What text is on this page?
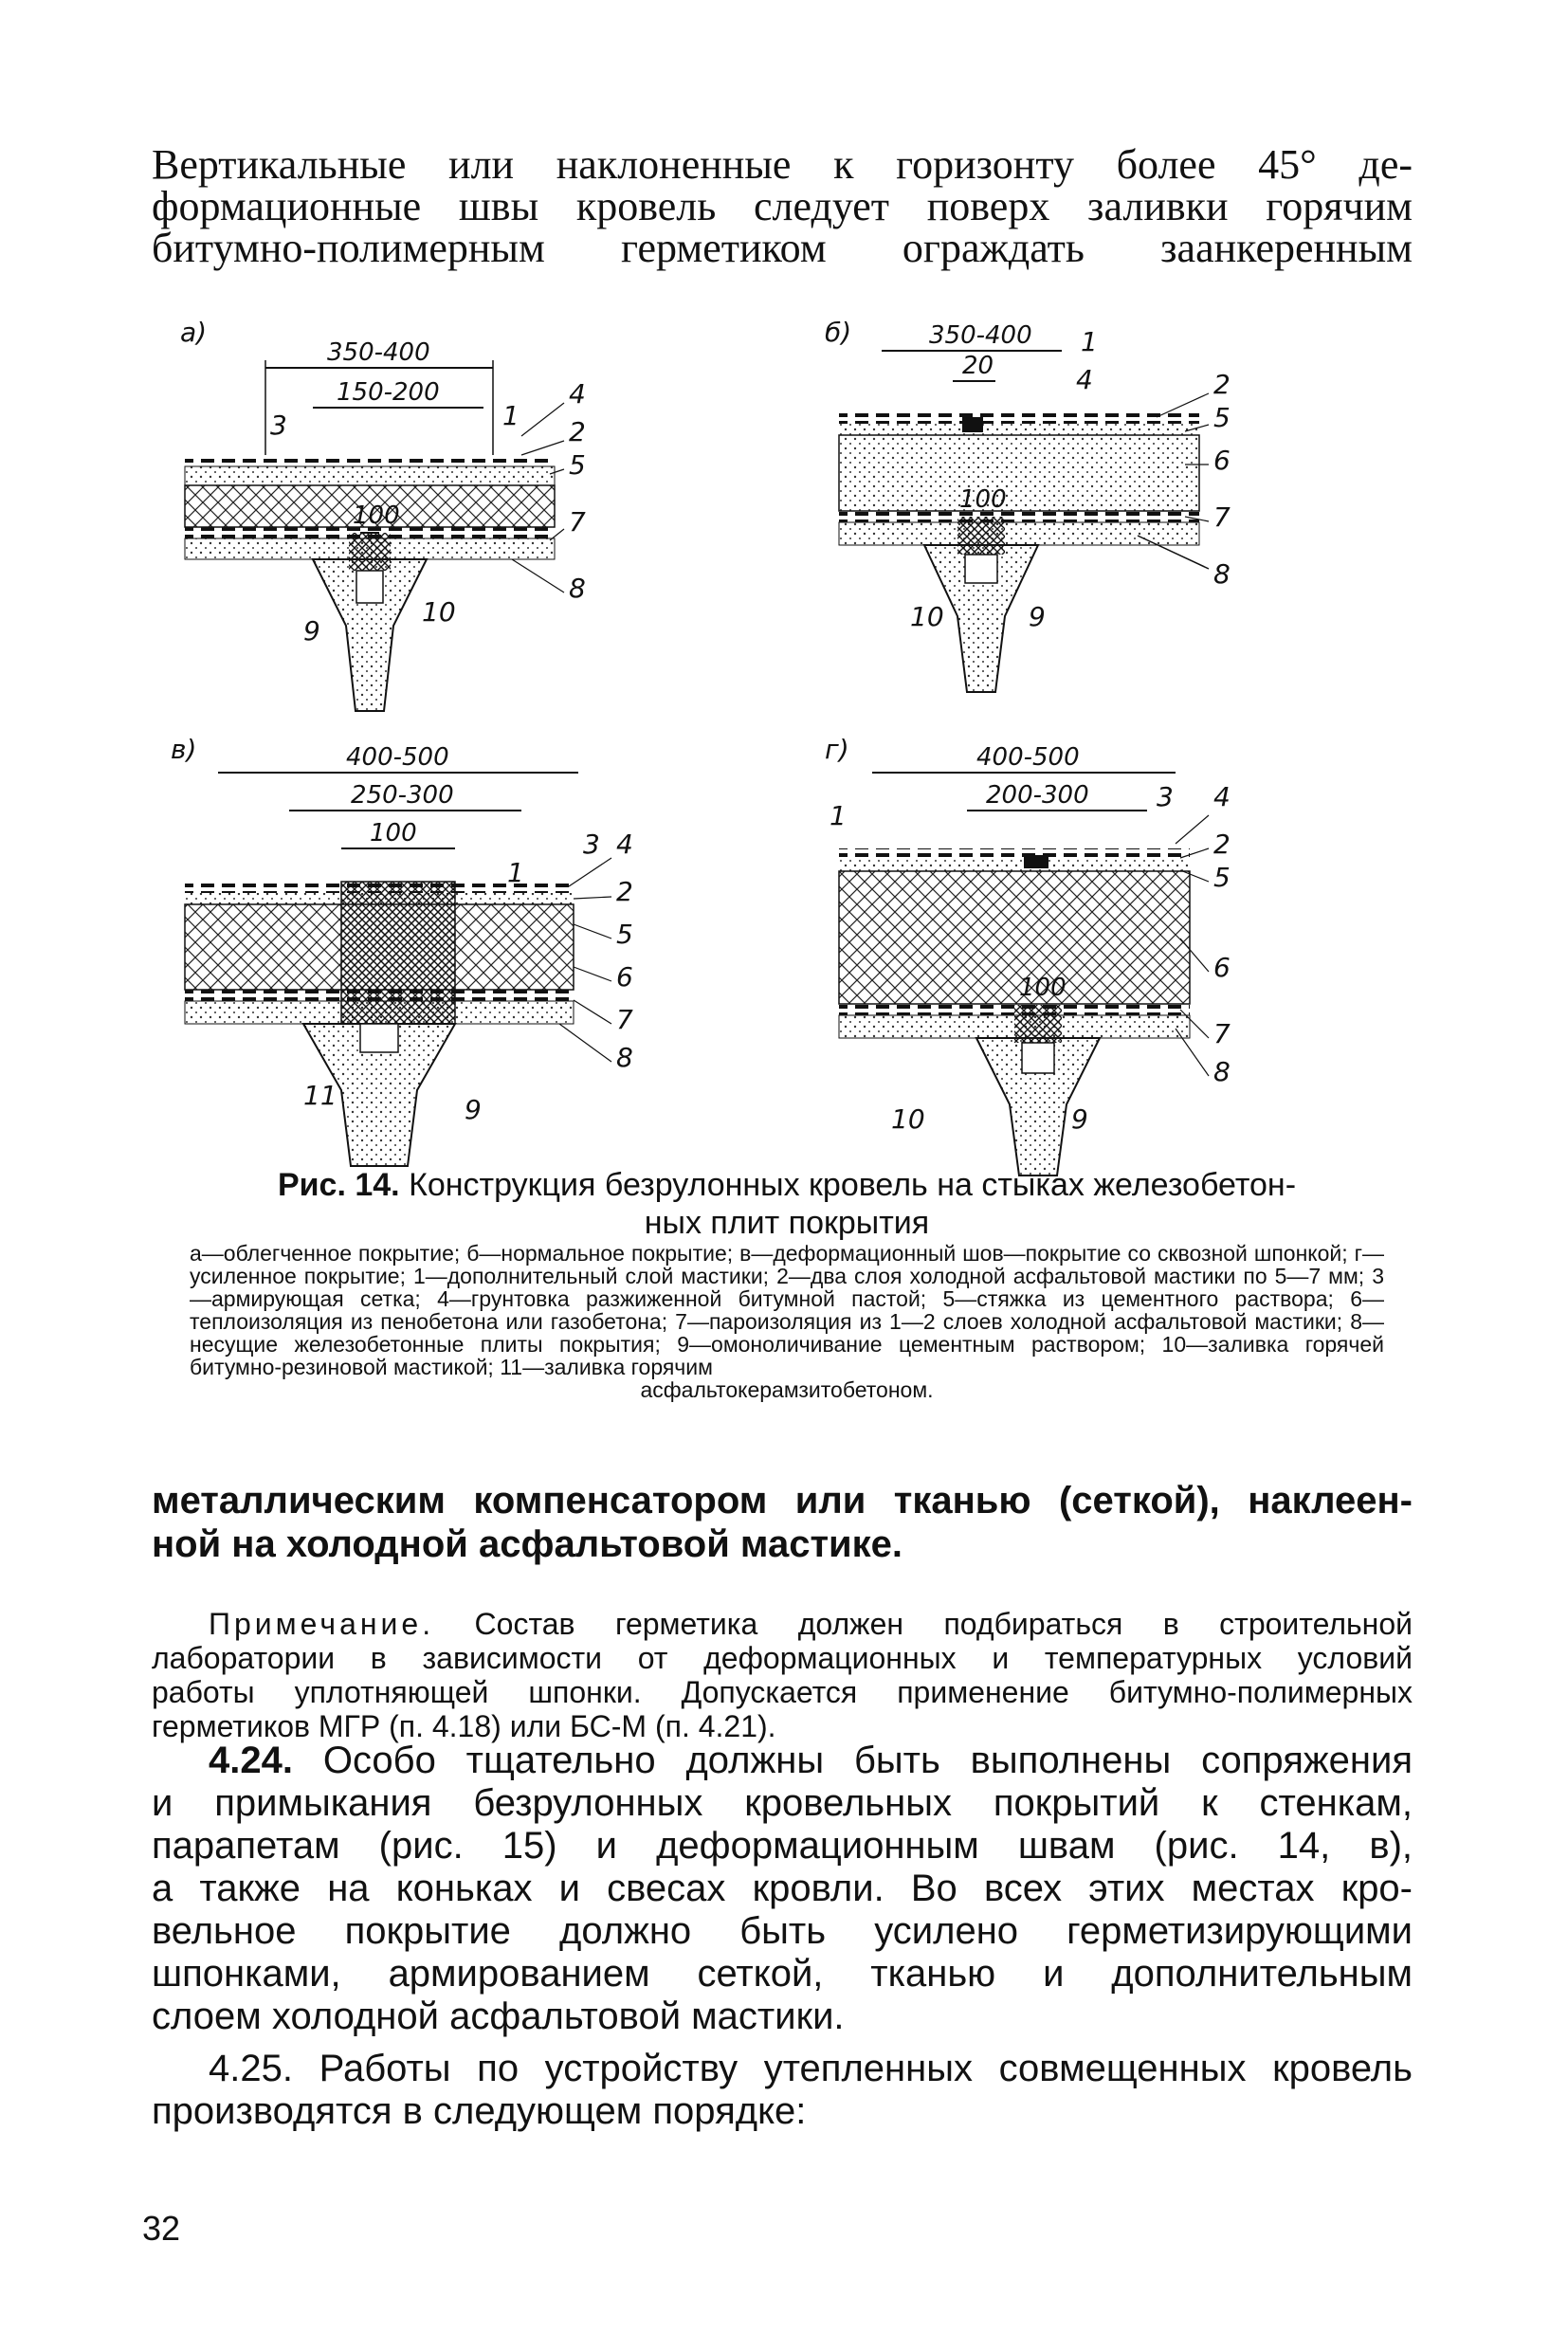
Вертикальные или наклоненные к горизонту более 45° де-
формационные швы кровель следует поверх заливки горячим
битумно-полимерным герметиком ограждать заанкеренным
а)
350-400
150-200
100
3	1
4
2
5
7
8
9
10
б)	350-400
20
100
1
4	2
5
6
7
8
10	9
в)	400-500
250-300
100
1
3 4
2
5
6
7
8
11	9
г)	400-500
200-300
100
1
3 4
2
5
6
7
8
10	9
Рис. 14. Конструкция безрулонных кровель на стыках железобетон-
ных плит покрытия
а—облегченное покрытие; б—нормальное покрытие; в—деформационный шов—покрытие со сквозной шпонкой; г—усиленное покрытие; 1—дополнительный слой мастики; 2—два слоя холодной асфальтовой мастики по 5—7 мм; 3—армирующая сетка; 4—грунтовка разжиженной битумной пастой; 5—стяжка из цементного раствора; 6—теплоизоляция из пенобетона или газобетона; 7—пароизоляция из 1—2 слоев холодной асфальтовой мастики; 8—несущие железобетонные плиты покрытия; 9—омоноличивание цементным раствором; 10—заливка горячей битумно-резиновой мастикой; 11—заливка горячим
асфальтокерамзитобетоном.
металлическим компенсатором или тканью (сеткой), наклеен-
ной на холодной асфальтовой мастике.
Примечание. Состав герметика должен подбираться в строительной
лаборатории в зависимости от деформационных и температурных условий
работы уплотняющей шпонки. Допускается применение битумно-полимерных
герметиков МГР (п. 4.18) или БС-М (п. 4.21).
4.24. Особо тщательно должны быть выполнены сопряжения
и примыкания безрулонных кровельных покрытий к стенкам,
парапетам (рис. 15) и деформационным швам (рис. 14, в),
а также на коньках и свесах кровли. Во всех этих местах кро-
вельное покрытие должно быть усилено герметизирующими
шпонками, армированием сеткой, тканью и дополнительным
слоем холодной асфальтовой мастики.
4.25. Работы по устройству утепленных совмещенных кровель
производятся в следующем порядке:
32
